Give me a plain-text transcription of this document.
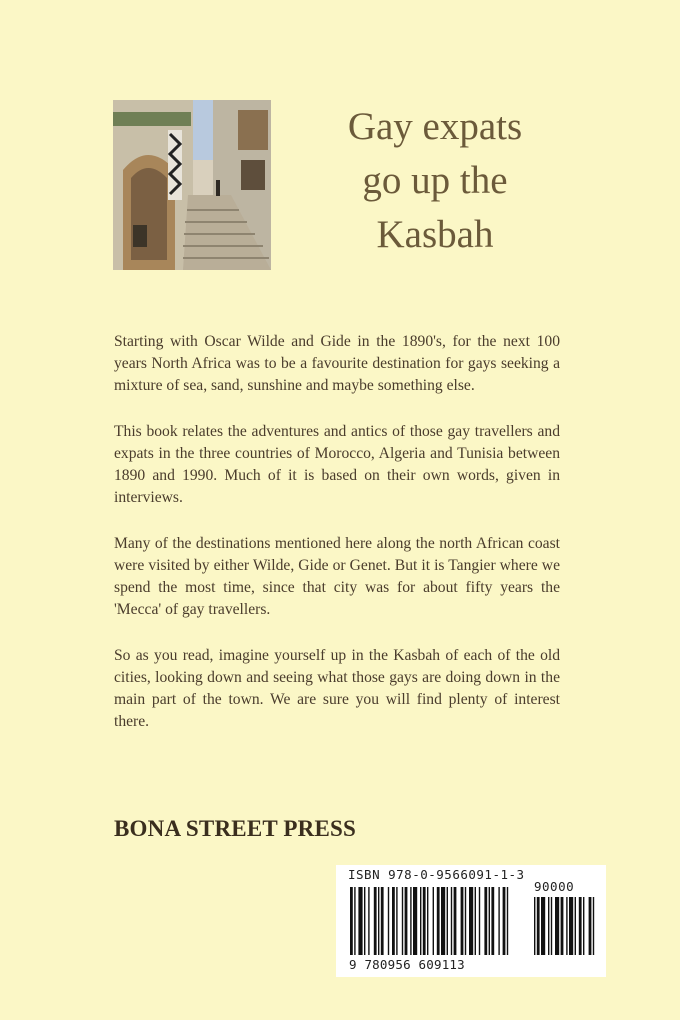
Gay expats
go up the
Kasbah

Starting with Oscar Wilde and Gide in the 1890's, for the next 100 years North Africa was to be a favourite destination for gays seeking a mixture of sea, sand, sunshine and maybe something else.

This book relates the adventures and antics of those gay travellers and expats in the three countries of Morocco, Algeria and Tunisia between 1890 and 1990. Much of it is based on their own words, given in interviews.

Many of the destinations mentioned here along the north African coast were visited by either Wilde, Gide or Genet. But it is Tangier where we spend the most time, since that city was for about fifty years the 'Mecca' of gay travellers.

So as you read, imagine yourself up in the Kasbah of each of the old cities, looking down and seeing what those gays are doing down in the main part of the town. We are sure you will find plenty of interest there.

BONA STREET PRESS
ISBN 978-0-9566091-1-3
90000
9 780956 609113
